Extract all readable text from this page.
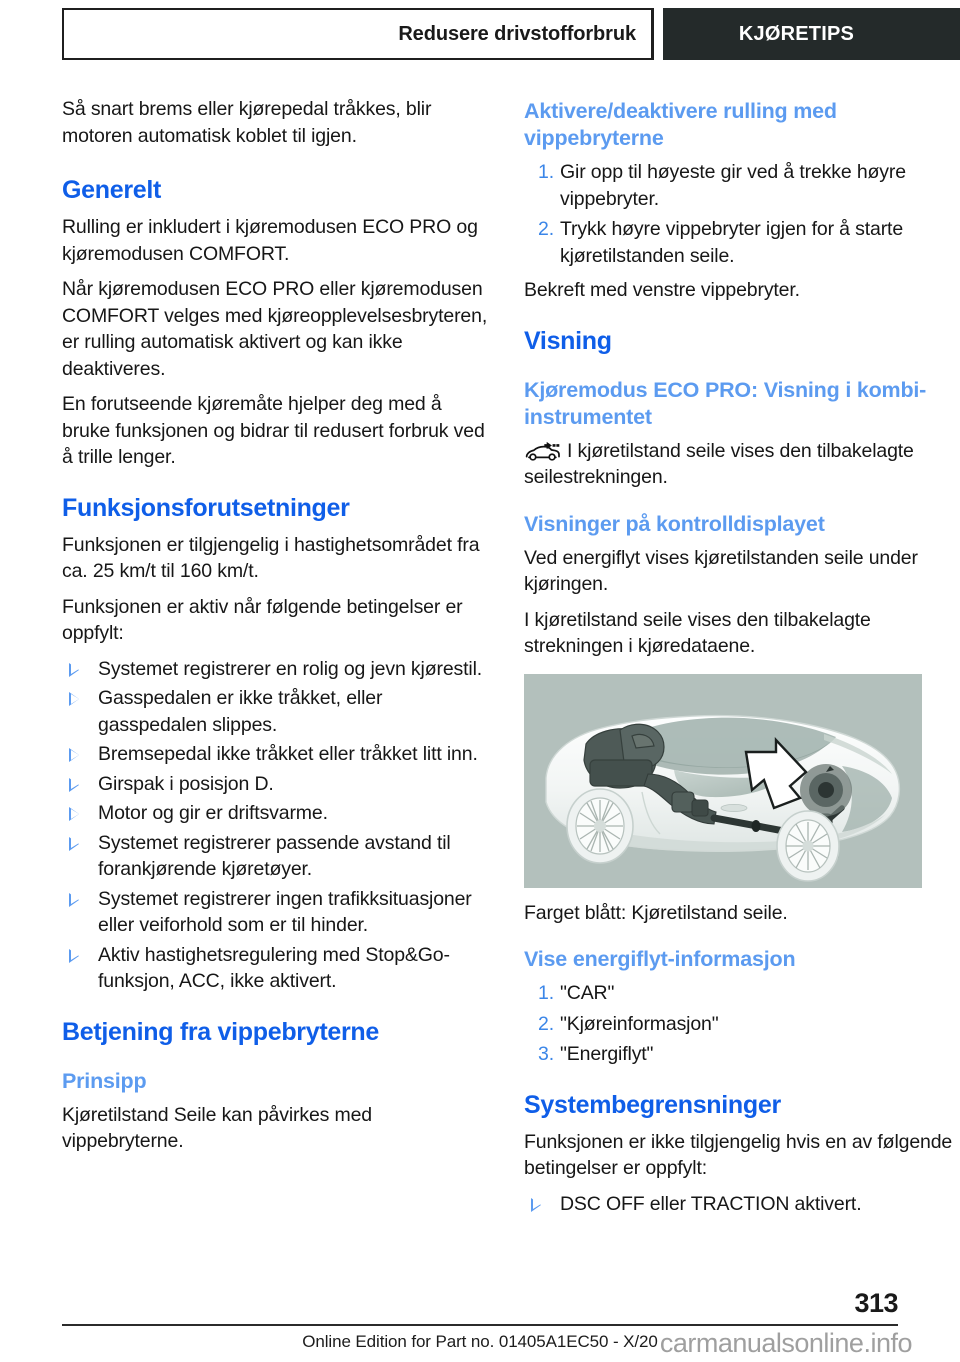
Redusere drivstofforbruk	KJØRETIPS

Så snart brems eller kjørepedal tråkkes, blir motoren automatisk koblet til igjen.

Generelt

Rulling er inkludert i kjøremodusen ECO PRO og kjøremodusen COMFORT.

Når kjøremodusen ECO PRO eller kjøremodusen COMFORT velges med kjøreopplevelsesbryteren, er rulling automatisk aktivert og kan ikke deaktiveres.

En forutseende kjøremåte hjelper deg med å bruke funksjonen og bidrar til redusert forbruk ved å trille lenger.

Funksjonsforutsetninger

Funksjonen er tilgjengelig i hastighetsområdet fra ca. 25 km/t til 160 km/t.

Funksjonen er aktiv når følgende betingelser er oppfylt:

Systemet registrerer en rolig og jevn kjørestil.
Gasspedalen er ikke tråkket, eller gasspedalen slippes.
Bremsepedal ikke tråkket eller tråkket litt inn.
Girspak i posisjon D.
Motor og gir er driftsvarme.
Systemet registrerer passende avstand til forankjørende kjøretøyer.
Systemet registrerer ingen trafikksituasjoner eller veiforhold som er til hinder.
Aktiv hastighetsregulering med Stop&Go-funksjon, ACC, ikke aktivert.
Betjening fra vippebryterne
Prinsipp

Kjøretilstand Seile kan påvirkes med vippebryterne.

Aktivere/deaktivere rulling med vippebryterne
1. Gir opp til høyeste gir ved å trekke høyre vippebryter.
2. Trykk høyre vippebryter igjen for å starte kjøretilstanden seile.

Bekreft med venstre vippebryter.

Visning
Kjøremodus ECO PRO: Visning i kombi-instrumentet

I kjøretilstand seile vises den tilbakelagte seilestrekningen.

Visninger på kontrolldisplayet

Ved energiflyt vises kjøretilstanden seile under kjøringen.

I kjøretilstand seile vises den tilbakelagte strekningen i kjøredataene.

Farget blått: Kjøretilstand seile.

Vise energiflyt-informasjon
1. "CAR"
2. "Kjøreinformasjon"
3. "Energiflyt"
Systembegrensninger

Funksjonen er ikke tilgjengelig hvis en av følgende betingelser er oppfylt:

DSC OFF eller TRACTION aktivert.
313
Online Edition for Part no. 01405A1EC50 - X/20 carmanualsonline.info
